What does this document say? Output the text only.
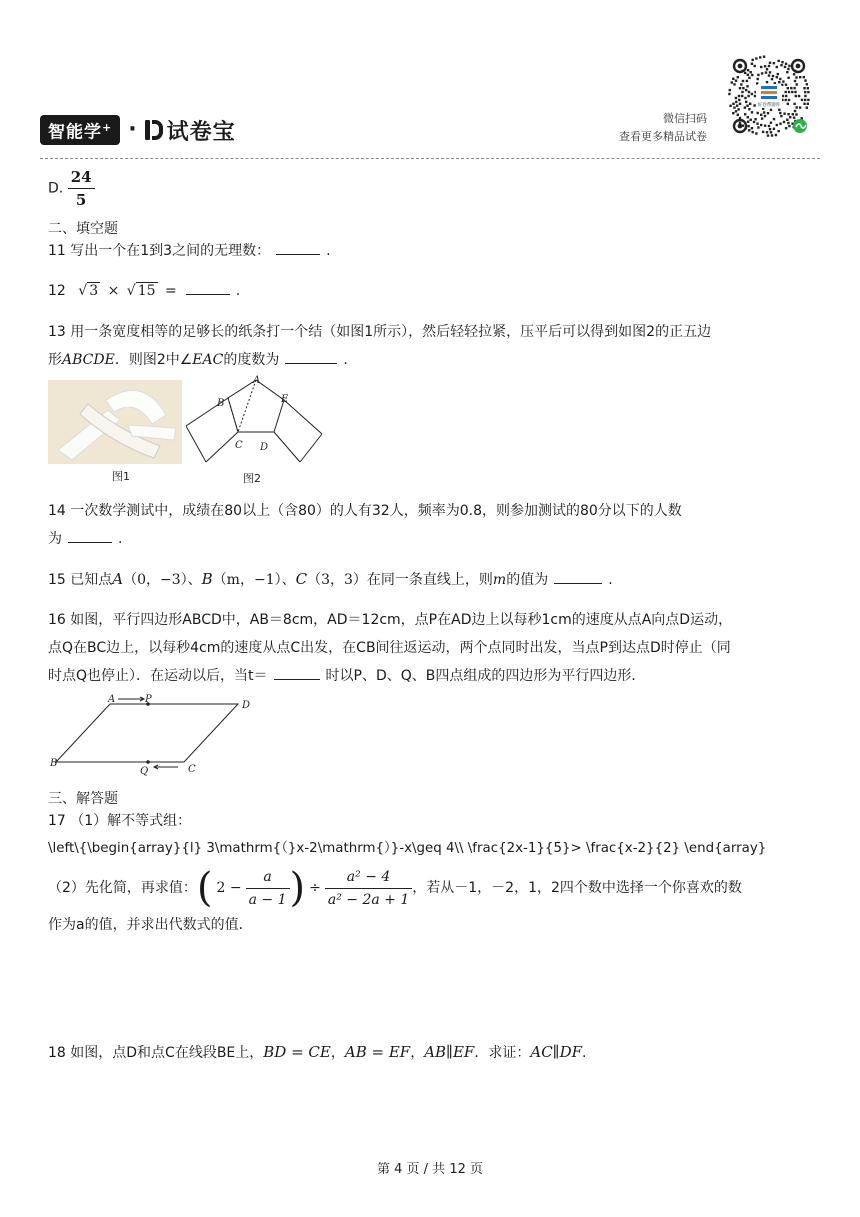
智能学+ · 试卷宝
微信扫码
查看更多精品试卷
好卷帮题库
D. $\frac{24}{5}$
二、填空题
11 写出一个在1到3之间的无理数：	.
12 √ 3 × √ 15 =	.
13 用一条宽度相等的足够长的纸条打一个结（如图1所示），然后轻轻拉紧，压平后可以得到如图2的正五边
形ABCDE．则图2中∠EAC的度数为	.
图1
A
B
C D
E
图2
14 一次数学测试中，成绩在80以上（含80）的人有32人，频率为0.8，则参加测试的80分以下的人数
为	.
15 已知点A（0，−3）、B（m，−1）、C（3，3）在同一条直线上，则m的值为	.
16 如图，平行四边形ABCD中，AB＝8cm，AD＝12cm，点P在AD边上以每秒1cm的速度从点A向点D运动，
点Q在BC边上，以每秒4cm的速度从点C出发，在CB间往返运动，两个点同时出发，当点P到达点D时停止（同
时点Q也停止）．在运动以后，当t＝	时以P、D、Q、B四点组成的四边形为平行四边形．
A	P
D
B
Q	C
三、解答题
17 （1）解不等式组：
\left\{\begin{array}{l} 3\mathrm{（}x-2\mathrm{）}-x\geq 4\\ \frac{2x-1}{5}> \frac{x-2}{2} \end{array}
（2）先化简，再求值： ( $2 - \frac{a}{a - 1}$ ) ÷ $\frac{\text{a² − 4}}{\text{a² − 2a + 1}}$ ，若从－1，－2，1，2四个数中选择一个你喜欢的数
作为a的值，并求出代数式的值．
18 如图，点D和点C在线段BE上，BD = CE，AB = EF，AB∥EF．求证：AC∥DF.
第 4 页 / 共 12 页
